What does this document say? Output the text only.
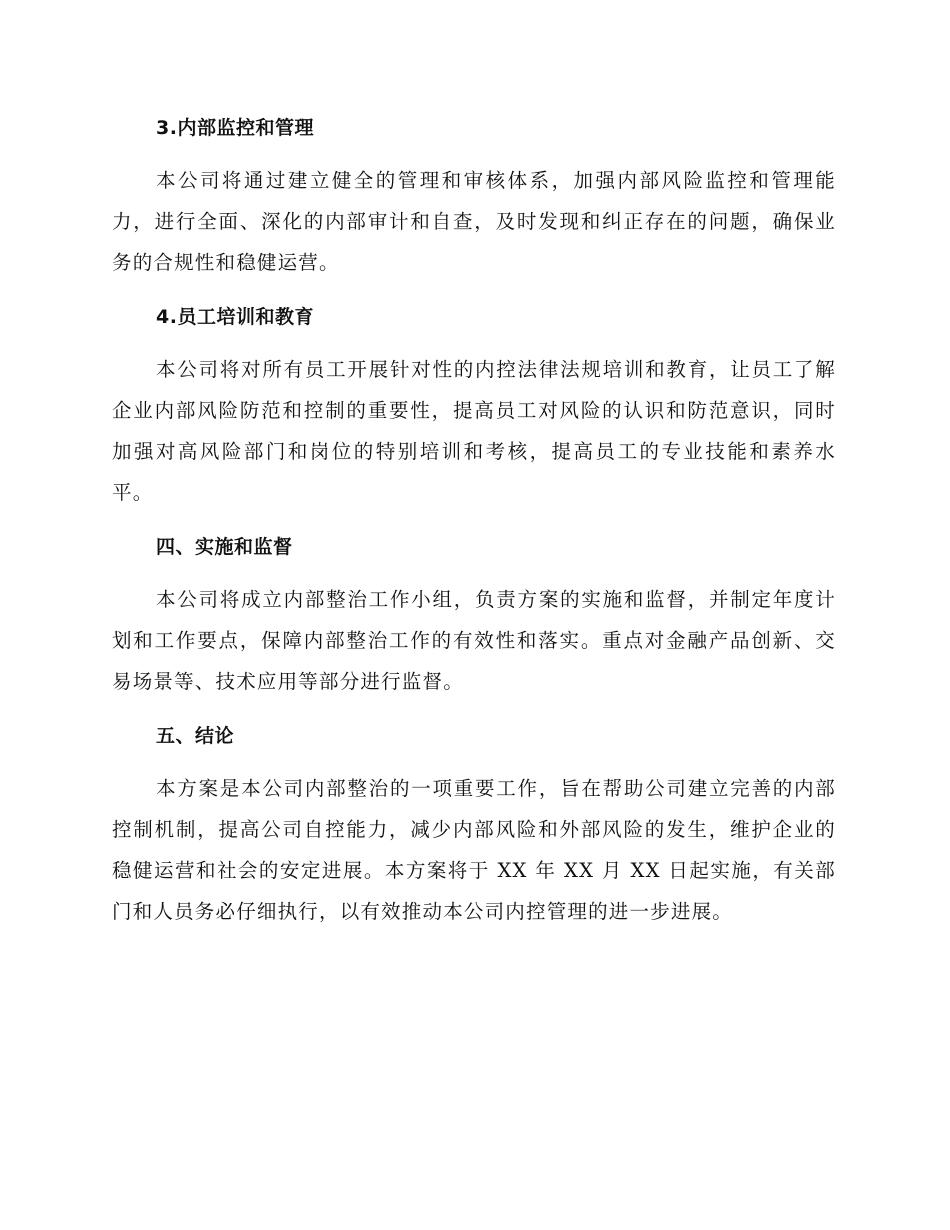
3.内部监控和管理

本公司将通过建立健全的管理和审核体系，加强内部风险监控和管理能力，进行全面、深化的内部审计和自查，及时发现和纠正存在的问题，确保业务的合规性和稳健运营。

4.员工培训和教育

本公司将对所有员工开展针对性的内控法律法规培训和教育，让员工了解企业内部风险防范和控制的重要性，提高员工对风险的认识和防范意识，同时加强对高风险部门和岗位的特别培训和考核，提高员工的专业技能和素养水平。

四、实施和监督

本公司将成立内部整治工作小组，负责方案的实施和监督，并制定年度计划和工作要点，保障内部整治工作的有效性和落实。重点对金融产品创新、交易场景等、技术应用等部分进行监督。

五、结论

本方案是本公司内部整治的一项重要工作，旨在帮助公司建立完善的内部控制机制，提高公司自控能力，减少内部风险和外部风险的发生，维护企业的稳健运营和社会的安定进展。本方案将于 XX 年 XX 月 XX 日起实施，有关部门和人员务必仔细执行，以有效推动本公司内控管理的进一步进展。
